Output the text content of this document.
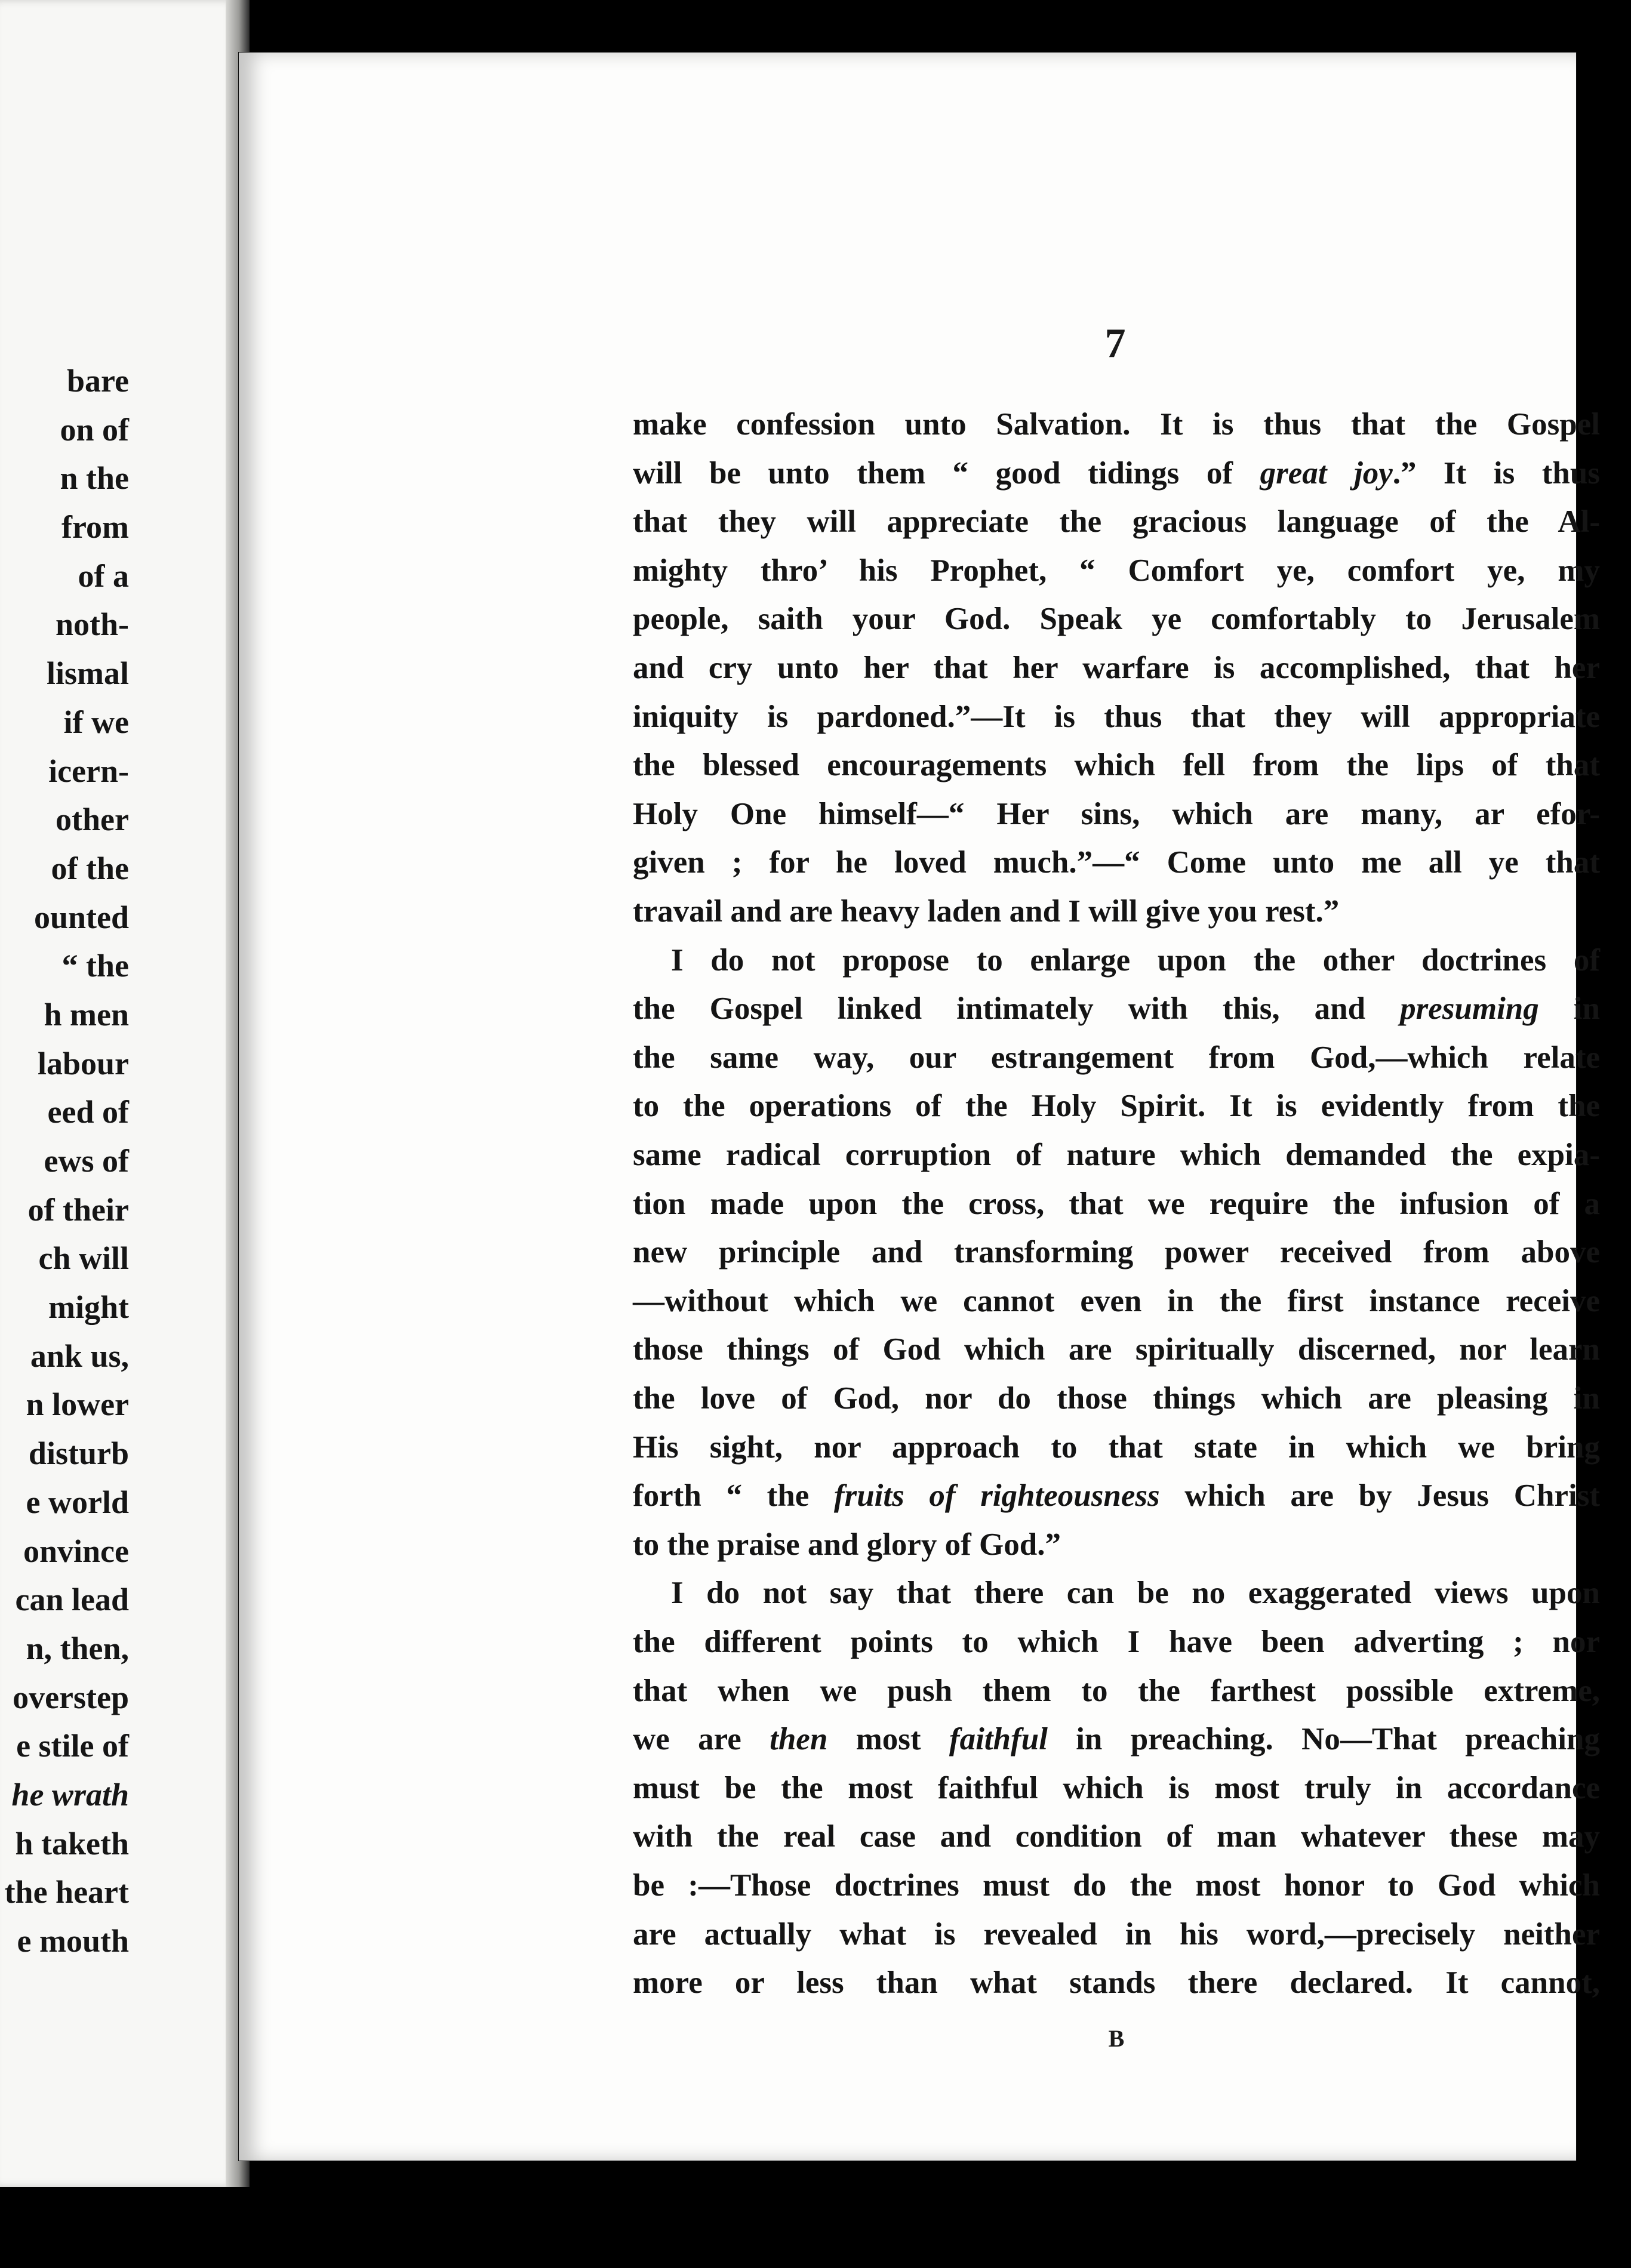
bare
on of
n the
from
of a
noth-
lismal
if we
icern-
other
of the
ounted
“ the
h men
labour
eed of
ews of
of their
ch will
might
ank us,
n lower
disturb
e world
onvince
can lead
n, then,
overstep
e stile of
he wrath
h taketh
the heart
e mouth
7
make confession unto Salvation. It is thus that the Gospel
will be unto them “ good tidings of great joy.” It is thus
that they will appreciate the gracious language of the Al-
mighty thro’ his Prophet, “ Comfort ye, comfort ye, my
people, saith your God. Speak ye comfortably to Jerusalem
and cry unto her that her warfare is accomplished, that her
iniquity is pardoned.”—It is thus that they will appropriate
the blessed encouragements which fell from the lips of that
Holy One himself—“ Her sins, which are many, ar efor-
given ; for he loved much.”—“ Come unto me all ye that
travail and are heavy laden and I will give you rest.”
I do not propose to enlarge upon the other doctrines of
the Gospel linked intimately with this, and presuming in
the same way, our estrangement from God,—which relate
to the operations of the Holy Spirit. It is evidently from the
same radical corruption of nature which demanded the expia-
tion made upon the cross, that we require the infusion of a
new principle and transforming power received from above
—without which we cannot even in the first instance receive
those things of God which are spiritually discerned, nor learn
the love of God, nor do those things which are pleasing in
His sight, nor approach to that state in which we bring
forth “ the fruits of righteousness which are by Jesus Christ
to the praise and glory of God.”
I do not say that there can be no exaggerated views upon
the different points to which I have been adverting ; nor
that when we push them to the farthest possible extreme,
we are then most faithful in preaching. No—That preaching
must be the most faithful which is most truly in accordance
with the real case and condition of man whatever these may
be :—Those doctrines must do the most honor to God which
are actually what is revealed in his word,—precisely neither
more or less than what stands there declared. It cannot,
B
